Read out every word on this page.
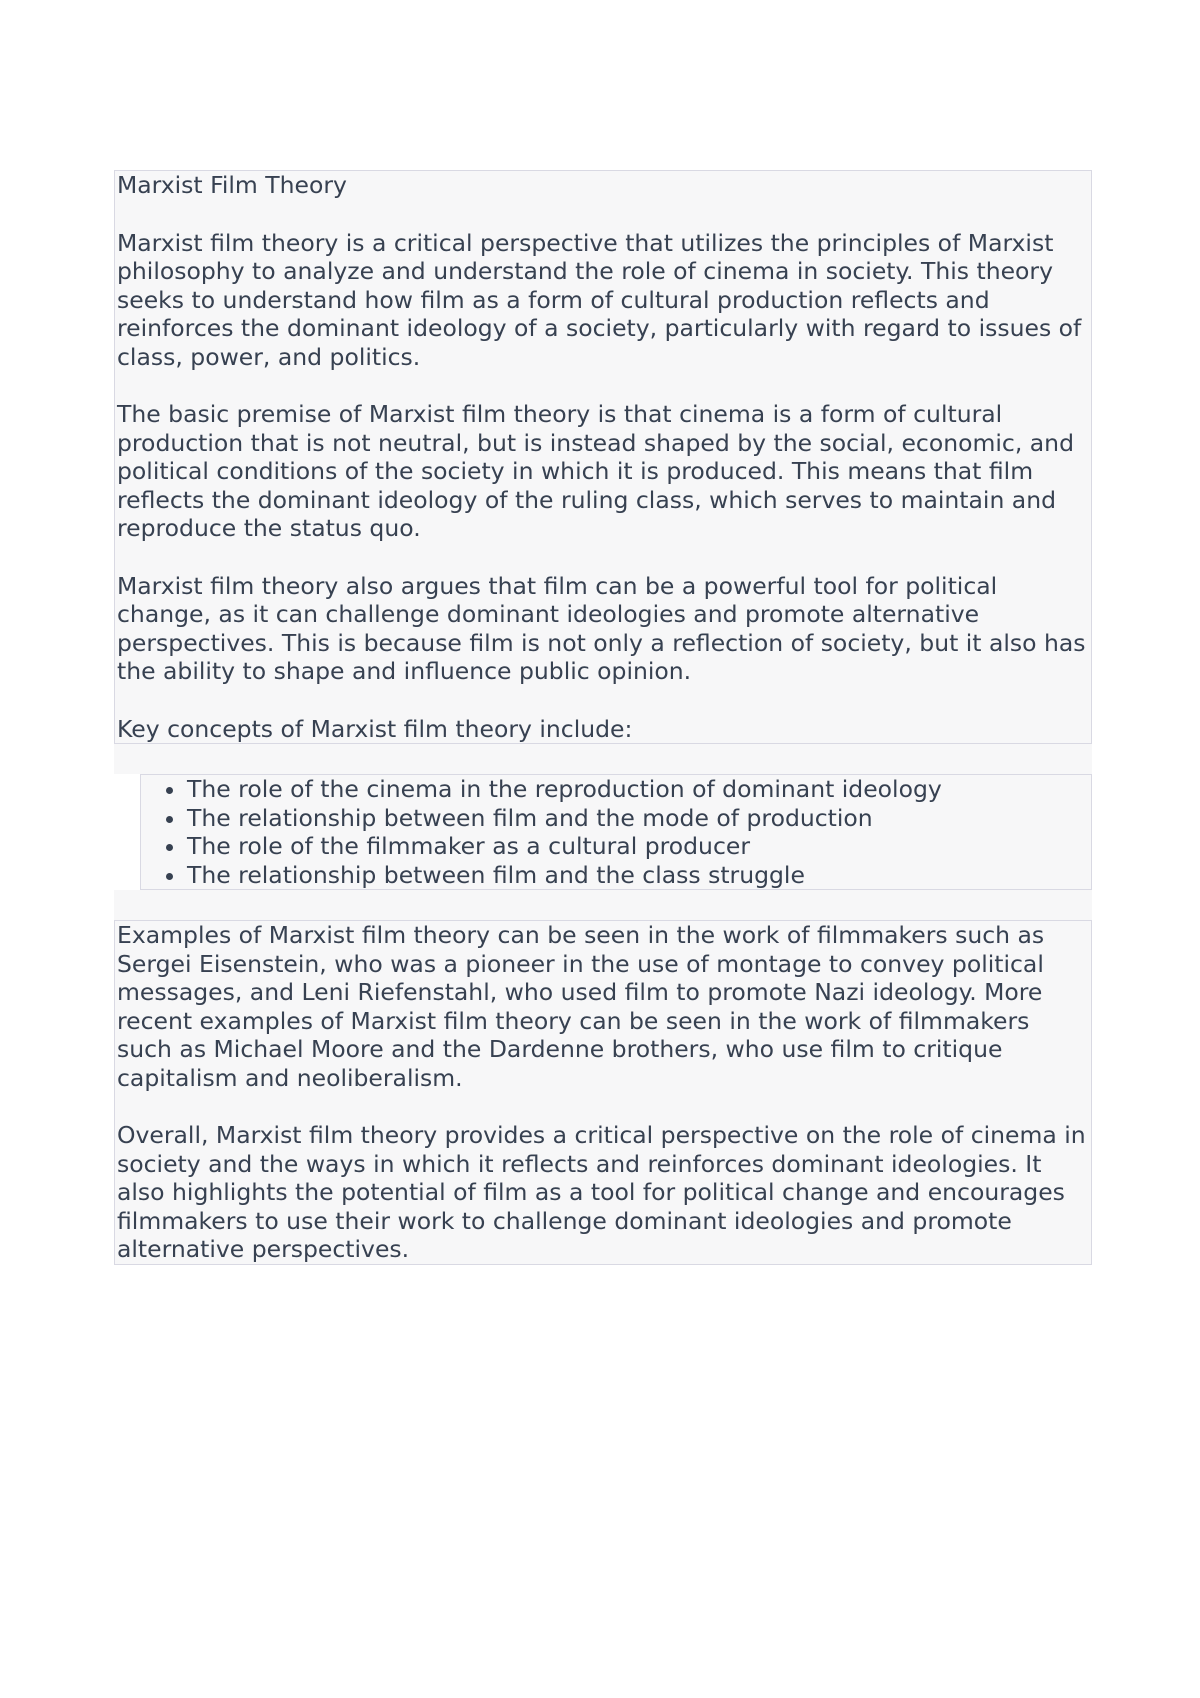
Marxist Film Theory

Marxist film theory is a critical perspective that utilizes the principles of Marxist philosophy to analyze and understand the role of cinema in society. This theory seeks to understand how film as a form of cultural production reflects and reinforces the dominant ideology of a society, particularly with regard to issues of class, power, and politics.

The basic premise of Marxist film theory is that cinema is a form of cultural production that is not neutral, but is instead shaped by the social, economic, and political conditions of the society in which it is produced. This means that film reflects the dominant ideology of the ruling class, which serves to maintain and reproduce the status quo.

Marxist film theory also argues that film can be a powerful tool for political change, as it can challenge dominant ideologies and promote alternative perspectives. This is because film is not only a reflection of society, but it also has the ability to shape and influence public opinion.

Key concepts of Marxist film theory include:

• The role of the cinema in the reproduction of dominant ideology
• The relationship between film and the mode of production
• The role of the filmmaker as a cultural producer
• The relationship between film and the class struggle

Examples of Marxist film theory can be seen in the work of filmmakers such as Sergei Eisenstein, who was a pioneer in the use of montage to convey political messages, and Leni Riefenstahl, who used film to promote Nazi ideology. More recent examples of Marxist film theory can be seen in the work of filmmakers such as Michael Moore and the Dardenne brothers, who use film to critique capitalism and neoliberalism.

Overall, Marxist film theory provides a critical perspective on the role of cinema in society and the ways in which it reflects and reinforces dominant ideologies. It also highlights the potential of film as a tool for political change and encourages filmmakers to use their work to challenge dominant ideologies and promote alternative perspectives.
